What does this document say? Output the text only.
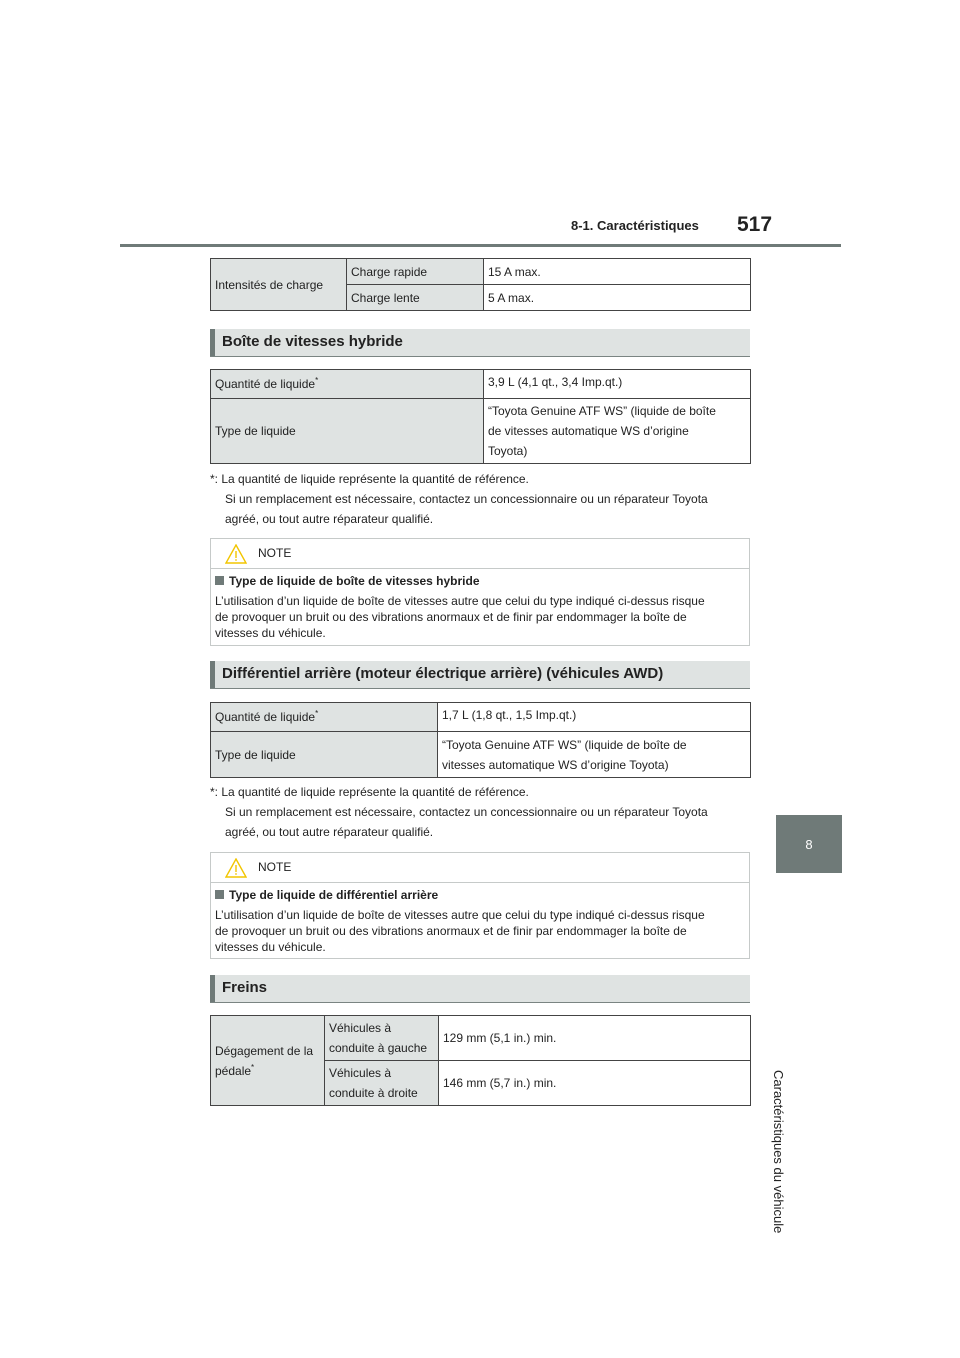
8-1. Caractéristiques 517
8
Caractéristiques du véhicule
Intensités de charge	Charge rapide	15 A max.
	Charge lente	5 A max.
Boîte de vitesses hybride
Quantité de liquide*	3,9 L (4,1 qt., 3,4 Imp.qt.)
Type de liquide	“Toyota Genuine ATF WS” (liquide de boîte
de vitesses automatique WS d’origine
Toyota)
*: La quantité de liquide représente la quantité de référence.
Si un remplacement est nécessaire, contactez un concessionnaire ou un réparateur Toyota
agréé, ou tout autre réparateur qualifié.
NOTE
Type de liquide de boîte de vitesses hybride
L’utilisation d’un liquide de boîte de vitesses autre que celui du type indiqué ci-dessus risque
de provoquer un bruit ou des vibrations anormaux et de finir par endommager la boîte de
vitesses du véhicule.
Différentiel arrière (moteur électrique arrière) (véhicules AWD)
Quantité de liquide*	1,7 L (1,8 qt., 1,5 Imp.qt.)
Type de liquide	“Toyota Genuine ATF WS” (liquide de boîte de
vitesses automatique WS d’origine Toyota)
*: La quantité de liquide représente la quantité de référence.
Si un remplacement est nécessaire, contactez un concessionnaire ou un réparateur Toyota
agréé, ou tout autre réparateur qualifié.
NOTE
Type de liquide de différentiel arrière
L’utilisation d’un liquide de boîte de vitesses autre que celui du type indiqué ci-dessus risque
de provoquer un bruit ou des vibrations anormaux et de finir par endommager la boîte de
vitesses du véhicule.
Freins
Dégagement de la
pédale*	Véhicules à
conduite à gauche	129 mm (5,1 in.) min.
	Véhicules à
conduite à droite	146 mm (5,7 in.) min.
